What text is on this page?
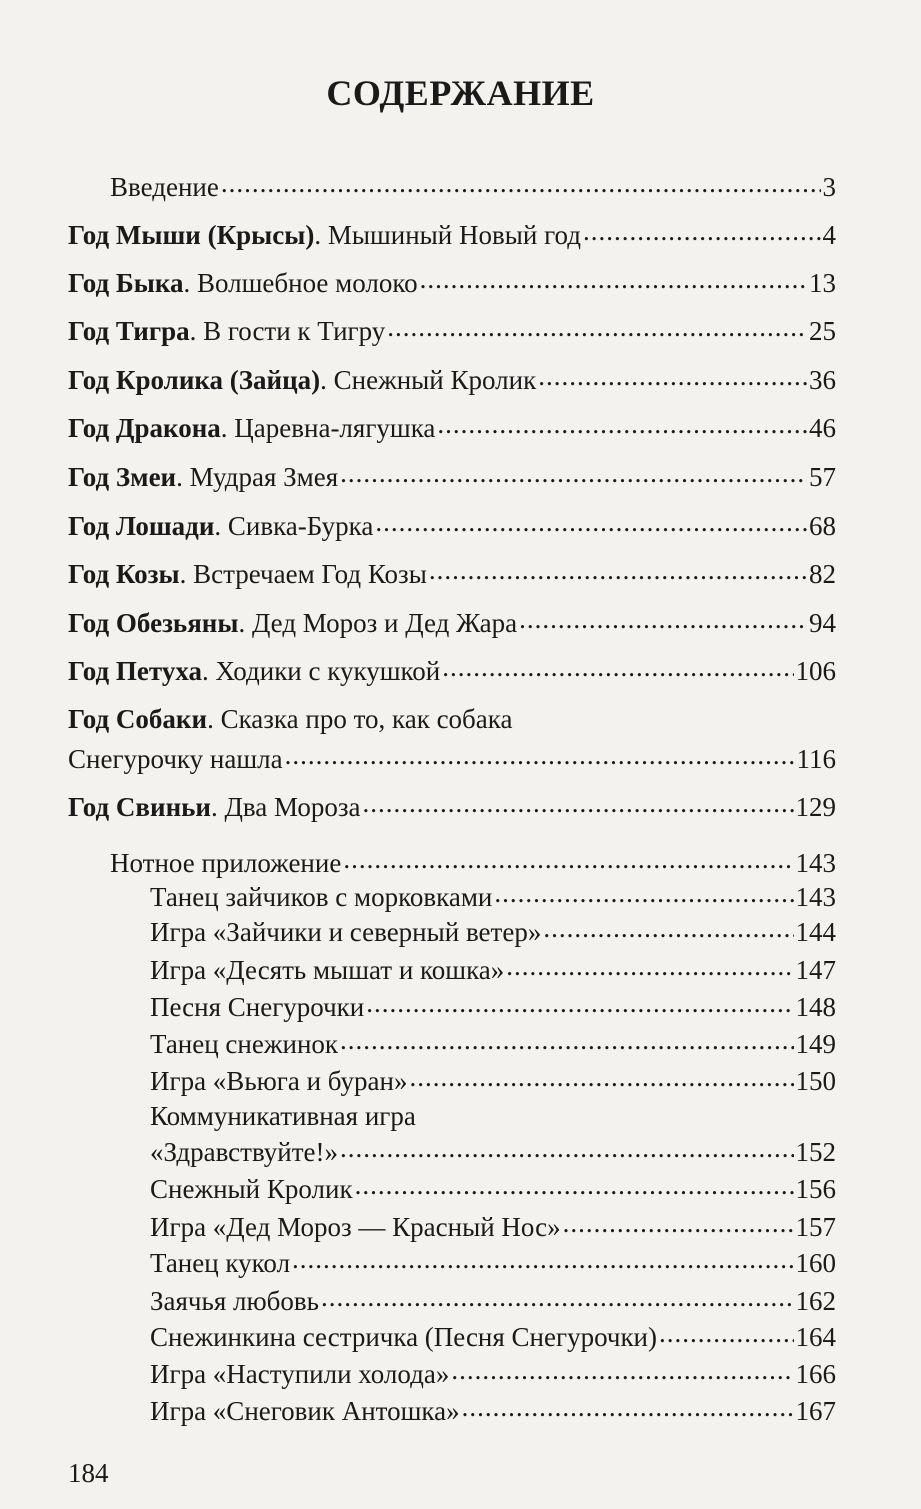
СОДЕРЖАНИЕ
Введение .....	3
Год Мыши (Крысы). Мышиный Новый год .....	4
Год Быка. Волшебное молоко .....	13
Год Тигра. В гости к Тигру .....	25
Год Кролика (Зайца). Снежный Кролик .....	36
Год Дракона. Царевна-лягушка .....	46
Год Змеи. Мудрая Змея .....	57
Год Лошади. Сивка-Бурка .....	68
Год Козы. Встречаем Год Козы .....	82
Год Обезьяны. Дед Мороз и Дед Жара .....	94
Год Петуха. Ходики с кукушкой .....	106
Год Собаки. Сказка про то, как собака
Снегурочку нашла .....	116
Год Свиньи. Два Мороза .....	129
Нотное приложение .....	143
Танец зайчиков с морковками .....	143
Игра «Зайчики и северный ветер» .....	144
Игра «Десять мышат и кошка» .....	147
Песня Снегурочки .....	148
Танец снежинок .....	149
Игра «Вьюга и буран» .....	150
Коммуникативная игра
«Здравствуйте!» .....	152
Снежный Кролик .....	156
Игра «Дед Мороз — Красный Нос» .....	157
Танец кукол .....	160
Заячья любовь .....	162
Снежинкина сестричка (Песня Снегурочки) .....	164
Игра «Наступили холода» .....	166
Игра «Снеговик Антошка» .....	167
184
